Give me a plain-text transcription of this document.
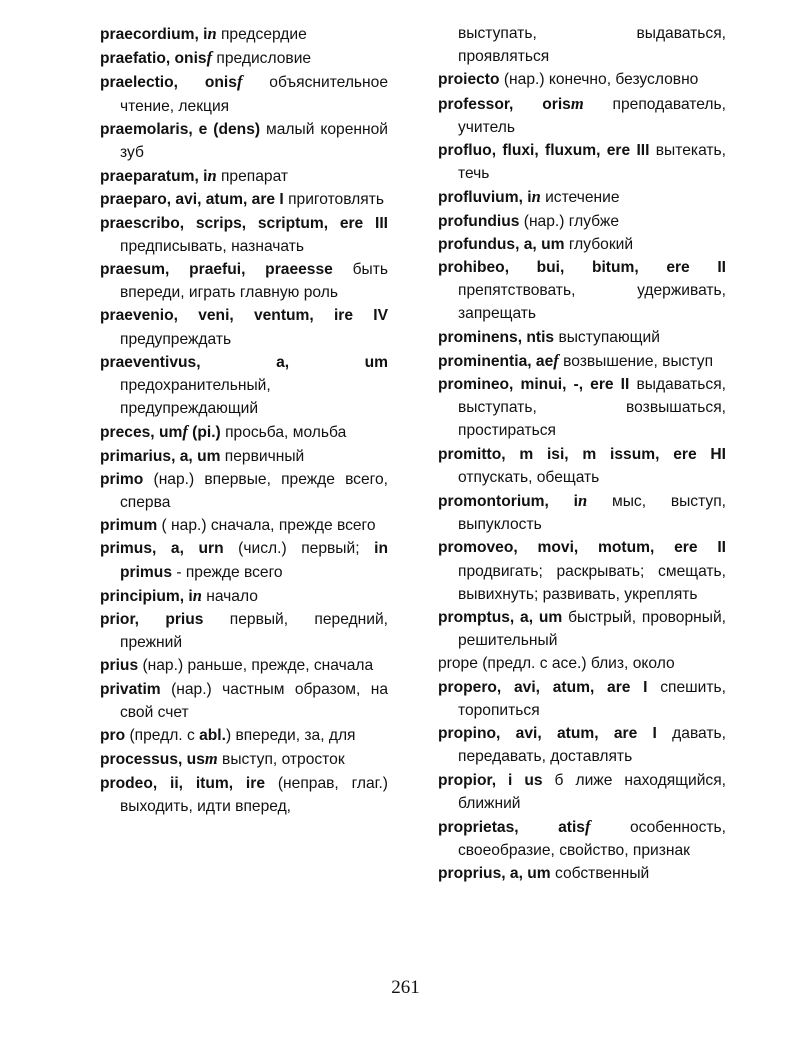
praecordium, in предсердие

praefatio, onisf предисловие

praelectio, onisf объяснительное чтение, лекция

praemolaris, e (dens) малый коренной зуб

praeparatum, in препарат

praeparo, avi, atum, are I приготовлять

praescribo, scrips, scriptum, ere III предписывать, назначать

praesum, praefui, praeesse быть впереди, играть главную роль

praevenio, veni, ventum, ire IV предупреждать

praeventivus, a, um предохранительный, предупреждающий

preces, umf (pi.) просьба, мольба

primarius, a, um первичный

primo (нар.) впервые, прежде всего, сперва

primum ( нар.) сначала, прежде всего

primus, a, urn (числ.) первый; in primus - прежде всего

principium, in начало

prior, prius первый, передний, прежний

prius (нар.) раньше, прежде, сначала

privatim (нар.) частным образом, на свой счет

pro (предл. с abl.) впереди, за, для

processus, usm выступ, отросток

prodeo, ii, itum, ire (неправ, глаг.) выходить, идти вперед,

выступать, выдаваться, проявляться

proiecto (нар.) конечно, безусловно

professor, orism преподаватель, учитель

profluo, fluxi, fluxum, ere III вытекать, течь

profluvium, in истечение

profundius (нар.) глубже

profundus, a, um глубокий

prohibeo, bui, bitum, ere II препятствовать, удерживать, запрещать

prominens, ntis выступающий

prominentia, aef возвышение, выступ

promineo, minui, -, ere II выдаваться, выступать, возвышаться, простираться

promitto, m isi, m issum, ere HI отпускать, обещать

promontorium, in мыс, выступ, выпуклость

promoveo, movi, motum, ere II продвигать; раскрывать; смещать, вывихнуть; развивать, укреплять

promptus, a, um быстрый, проворный, решительный

prope (предл. с асе.) близ, около

propero, avi, atum, are I спешить, торопиться

propino, avi, atum, are I давать, передавать, доставлять

propior, i us б лиже находящийся, ближний

proprietas, atisf особенность, своеобразие, свойство, признак

proprius, a, um собственный

261
